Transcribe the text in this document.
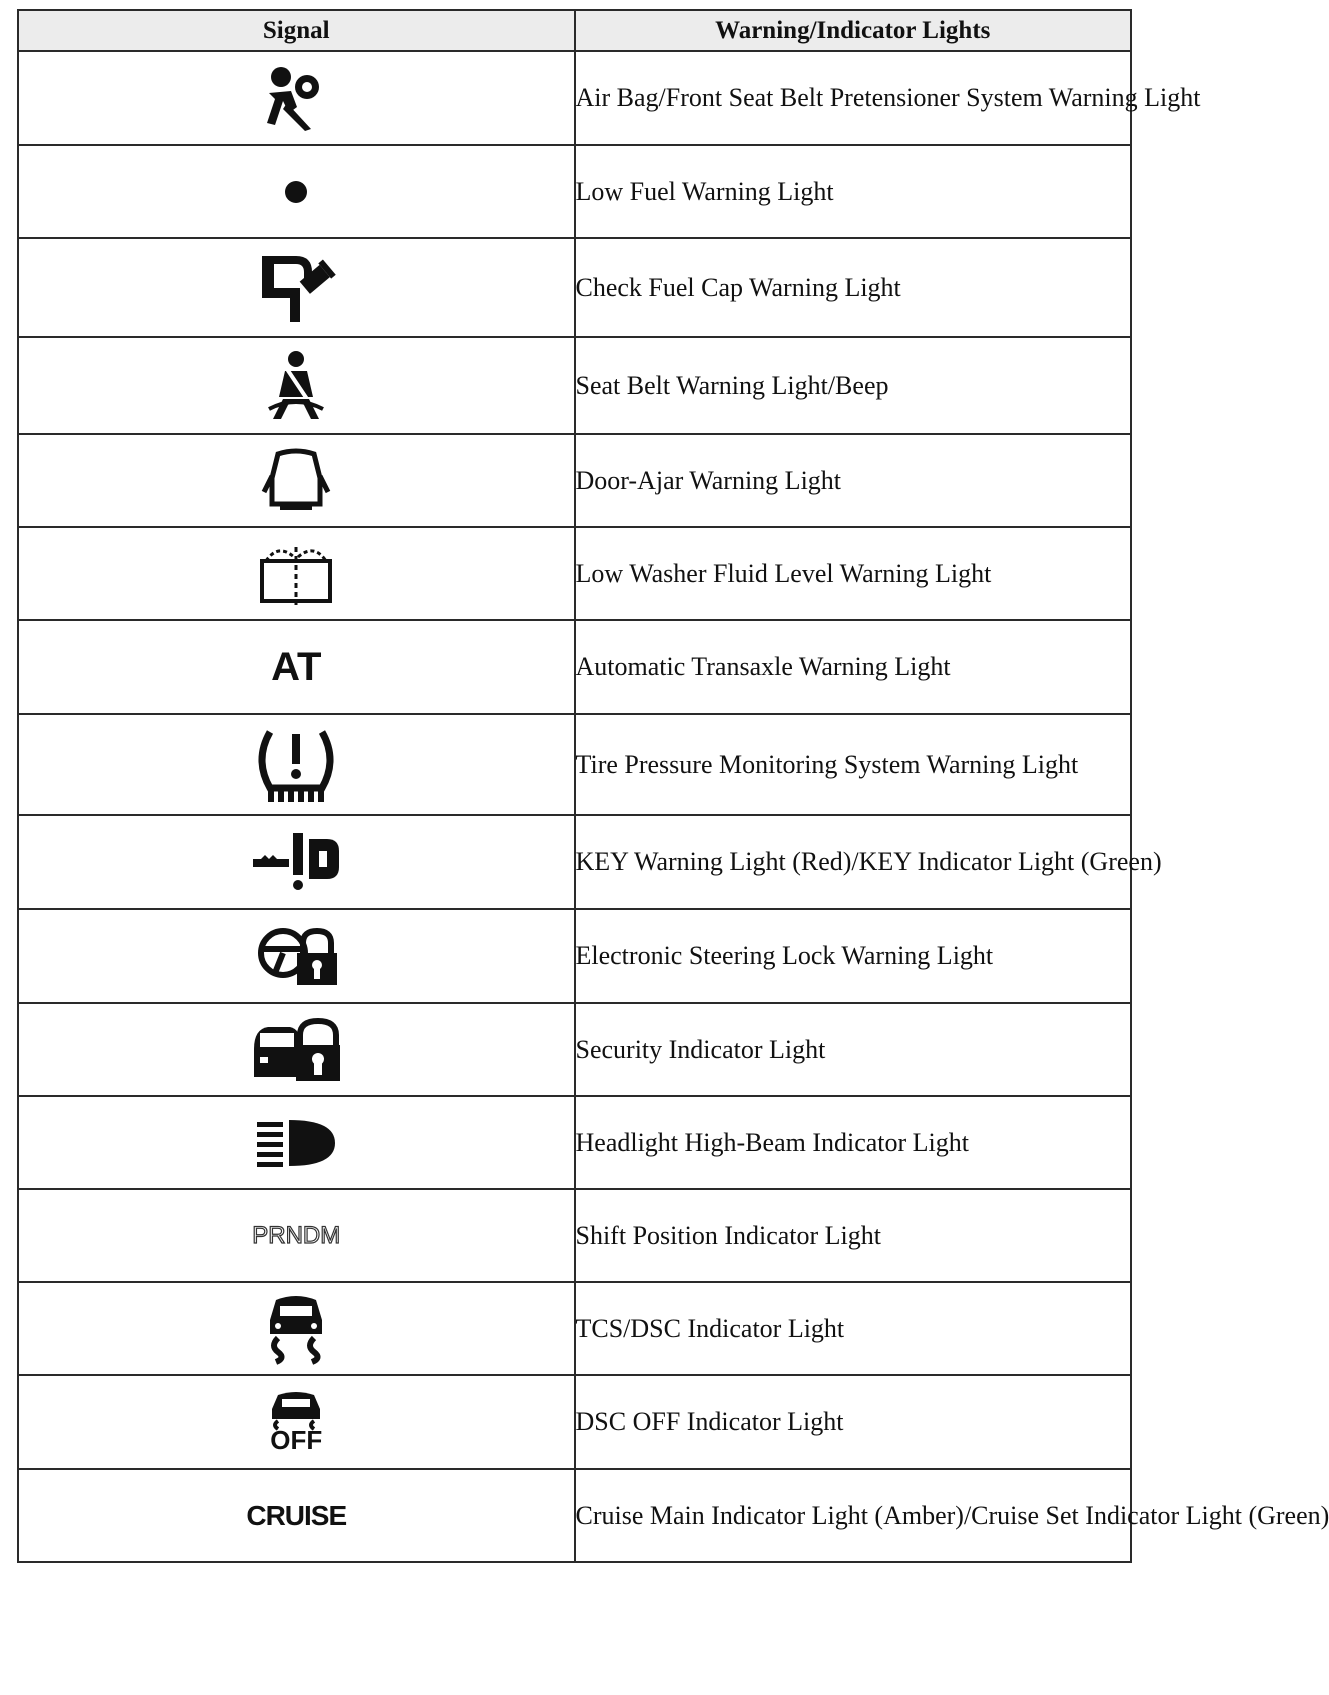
Signal	Warning/Indicator Lights

	Air Bag/Front Seat Belt Pretensioner System Warning Light

	Low Fuel Warning Light

	Check Fuel Cap Warning Light

	Seat Belt Warning Light/Beep

	Door-Ajar Warning Light

	Low Washer Fluid Level Warning Light
AT	Automatic Transaxle Warning Light

	Tire Pressure Monitoring System Warning Light

	KEY Warning Light (Red)/KEY Indicator Light (Green)

	Electronic Steering Lock Warning Light

	Security Indicator Light

	Headlight High-Beam Indicator Light
PRNDM	Shift Position Indicator Light

	TCS/DSC Indicator Light

OFF	DSC OFF Indicator Light
CRUISE	Cruise Main Indicator Light (Amber)/Cruise Set Indicator Light (Green)
